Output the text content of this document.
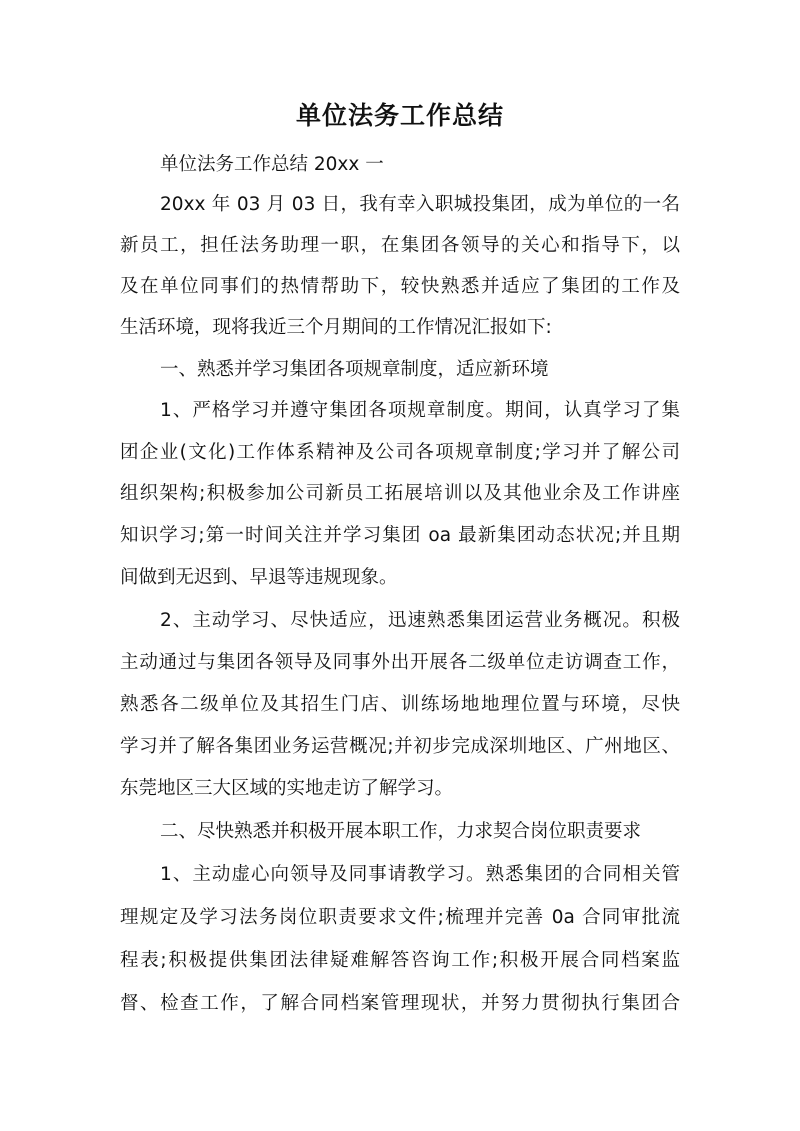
单位法务工作总结
单位法务工作总结 20xx 一
20xx 年 03 月 03 日，我有幸入职城投集团，成为单位的一名
新员工，担任法务助理一职，在集团各领导的关心和指导下，以
及在单位同事们的热情帮助下，较快熟悉并适应了集团的工作及
生活环境，现将我近三个月期间的工作情况汇报如下:
一、熟悉并学习集团各项规章制度，适应新环境
1、严格学习并遵守集团各项规章制度。期间，认真学习了集
团企业(文化)工作体系精神及公司各项规章制度;学习并了解公司
组织架构;积极参加公司新员工拓展培训以及其他业余及工作讲座
知识学习;第一时间关注并学习集团 oa 最新集团动态状况;并且期
间做到无迟到、早退等违规现象。
2、主动学习、尽快适应，迅速熟悉集团运营业务概况。积极
主动通过与集团各领导及同事外出开展各二级单位走访调查工作，
熟悉各二级单位及其招生门店、训练场地地理位置与环境，尽快
学习并了解各集团业务运营概况;并初步完成深圳地区、广州地区、
东莞地区三大区域的实地走访了解学习。
二、尽快熟悉并积极开展本职工作，力求契合岗位职责要求
1、主动虚心向领导及同事请教学习。熟悉集团的合同相关管
理规定及学习法务岗位职责要求文件;梳理并完善 0a 合同审批流
程表;积极提供集团法律疑难解答咨询工作;积极开展合同档案监
督、检查工作，了解合同档案管理现状，并努力贯彻执行集团合
